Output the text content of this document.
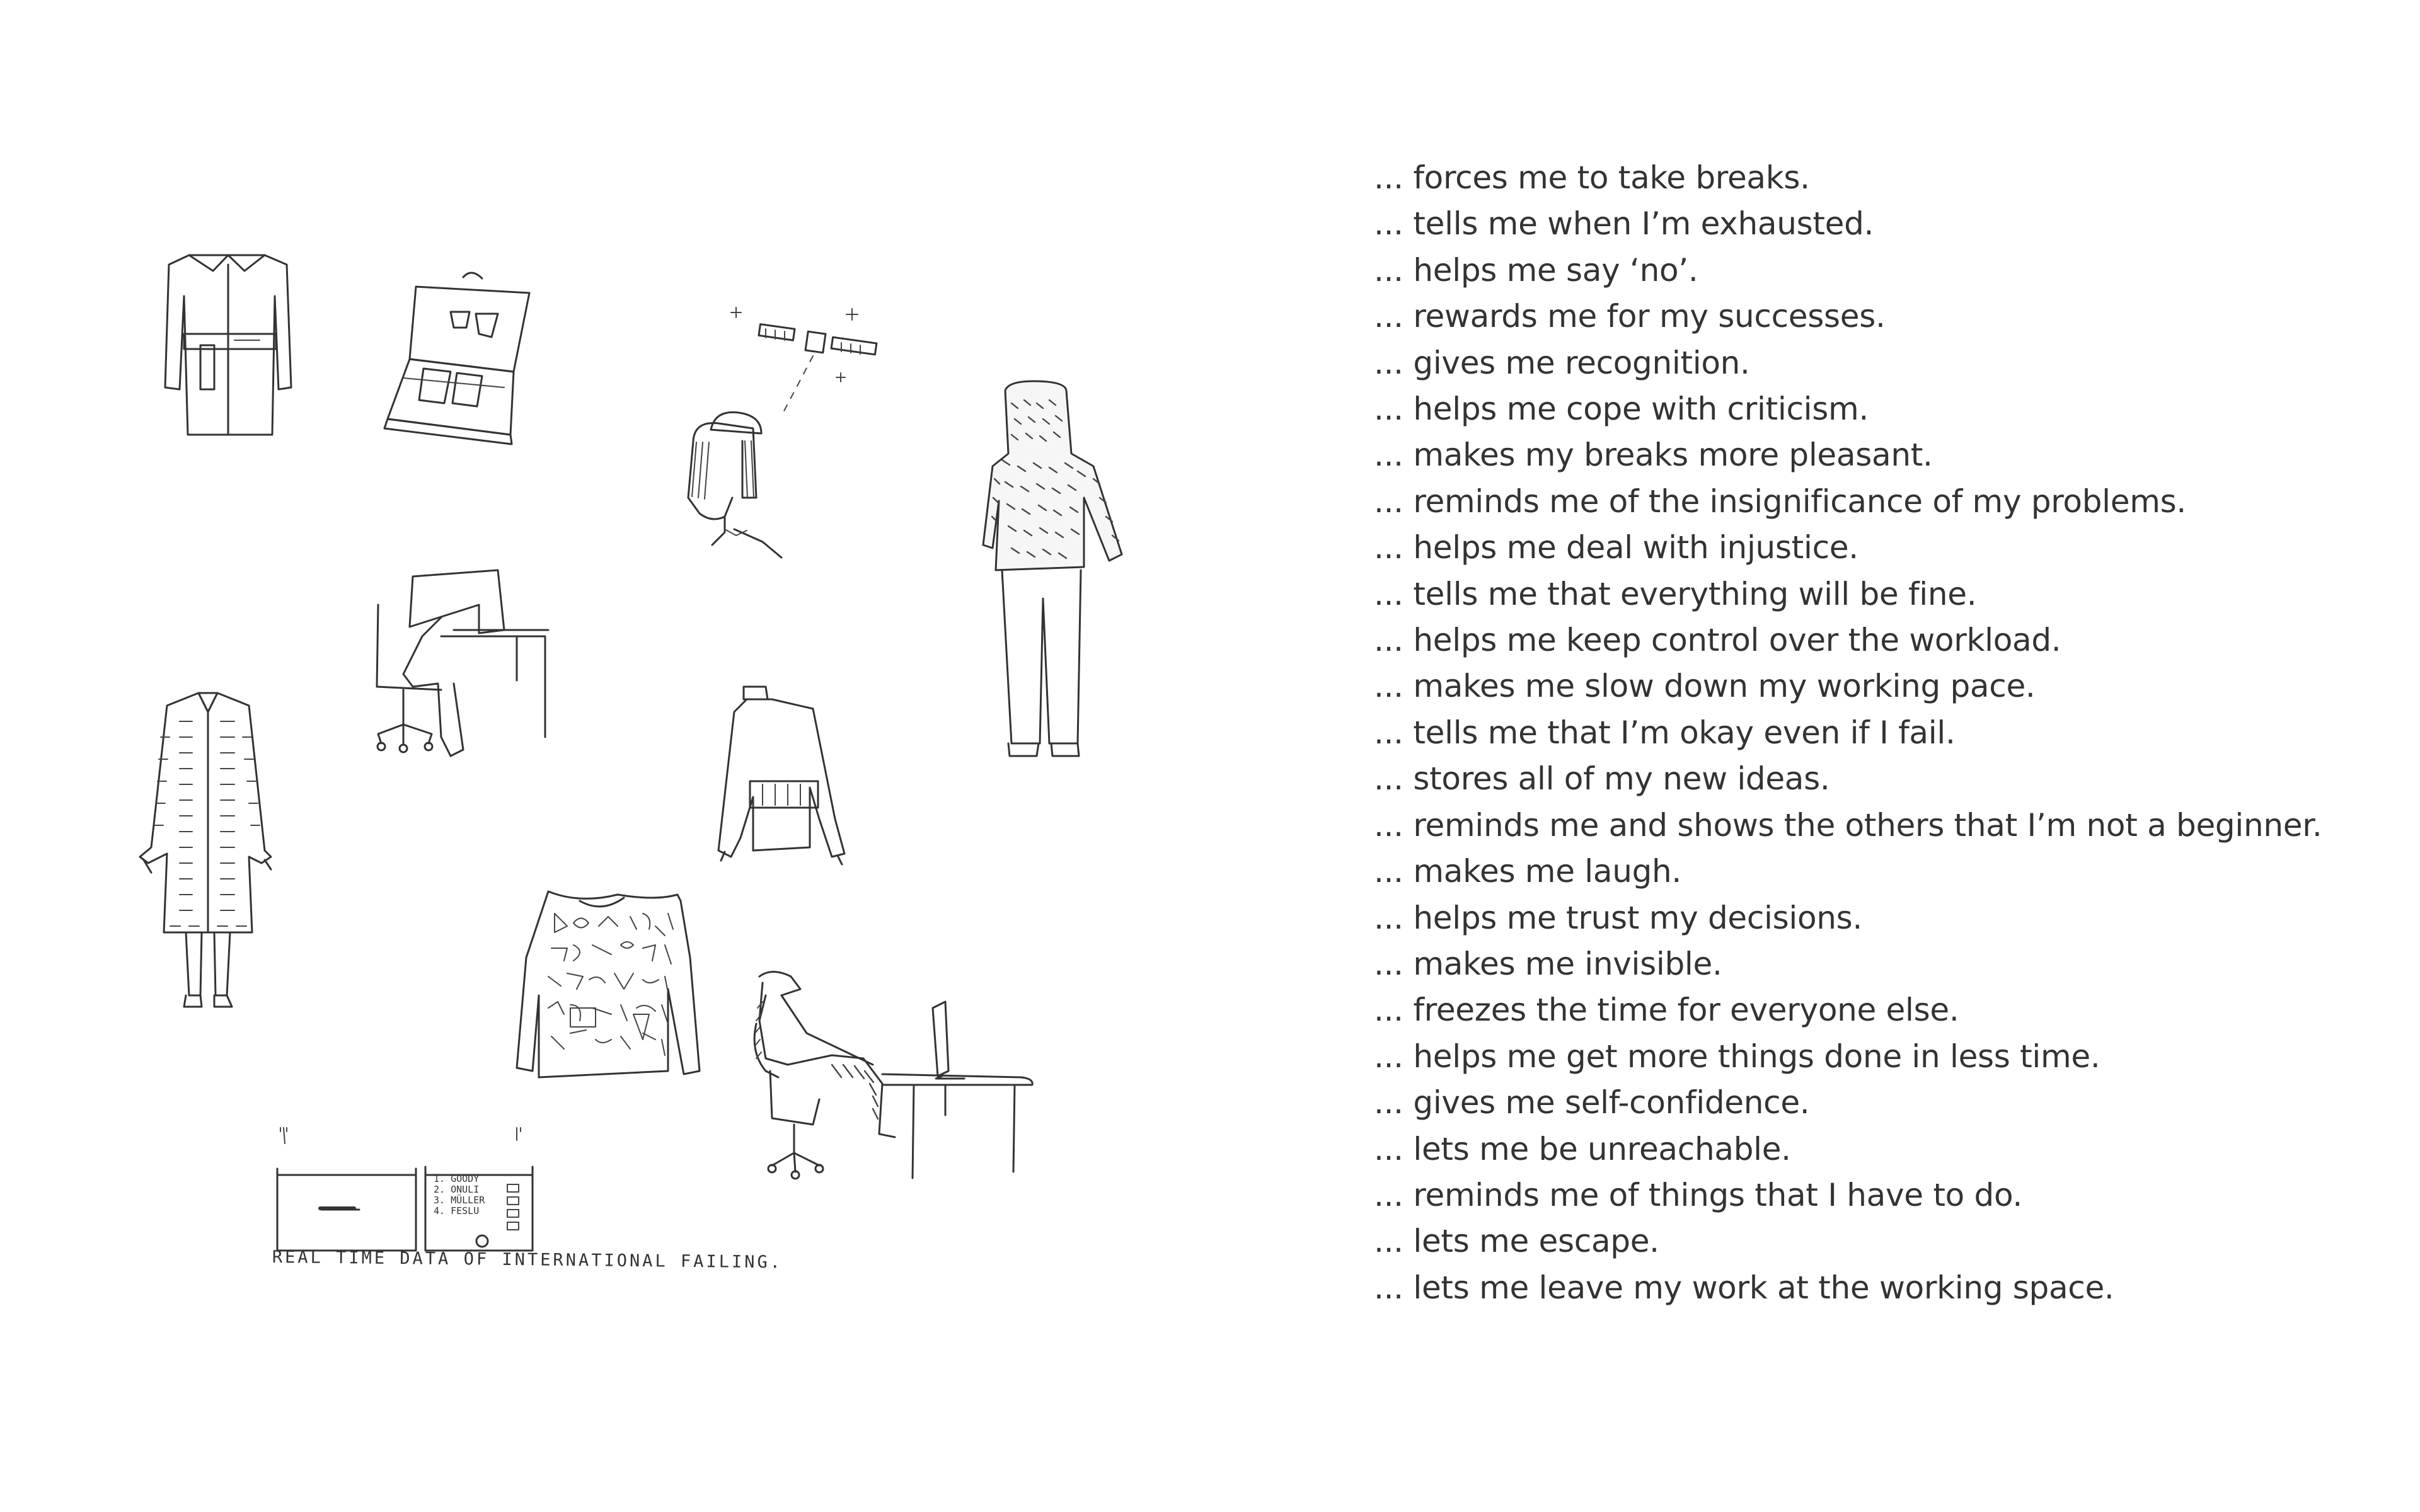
1. GOODY
2. ONULI
3. MÜLLER
4. FESLU
REAL TIME DATA OF INTERNATIONAL FAILING.
... forces me to take breaks.
... tells me when I’m exhausted.
... helps me say ‘no’.
... rewards me for my successes.
... gives me recognition.
... helps me cope with criticism.
... makes my breaks more pleasant.
... reminds me of the insignificance of my problems.
... helps me deal with injustice.
... tells me that everything will be fine.
... helps me keep control over the workload.
... makes me slow down my working pace.
... tells me that I’m okay even if I fail.
... stores all of my new ideas.
... reminds me and shows the others that I’m not a beginner.
... makes me laugh.
... helps me trust my decisions.
... makes me invisible.
... freezes the time for everyone else.
... helps me get more things done in less time.
... gives me self-confidence.
... lets me be unreachable.
... reminds me of things that I have to do.
... lets me escape.
... lets me leave my work at the working space.
